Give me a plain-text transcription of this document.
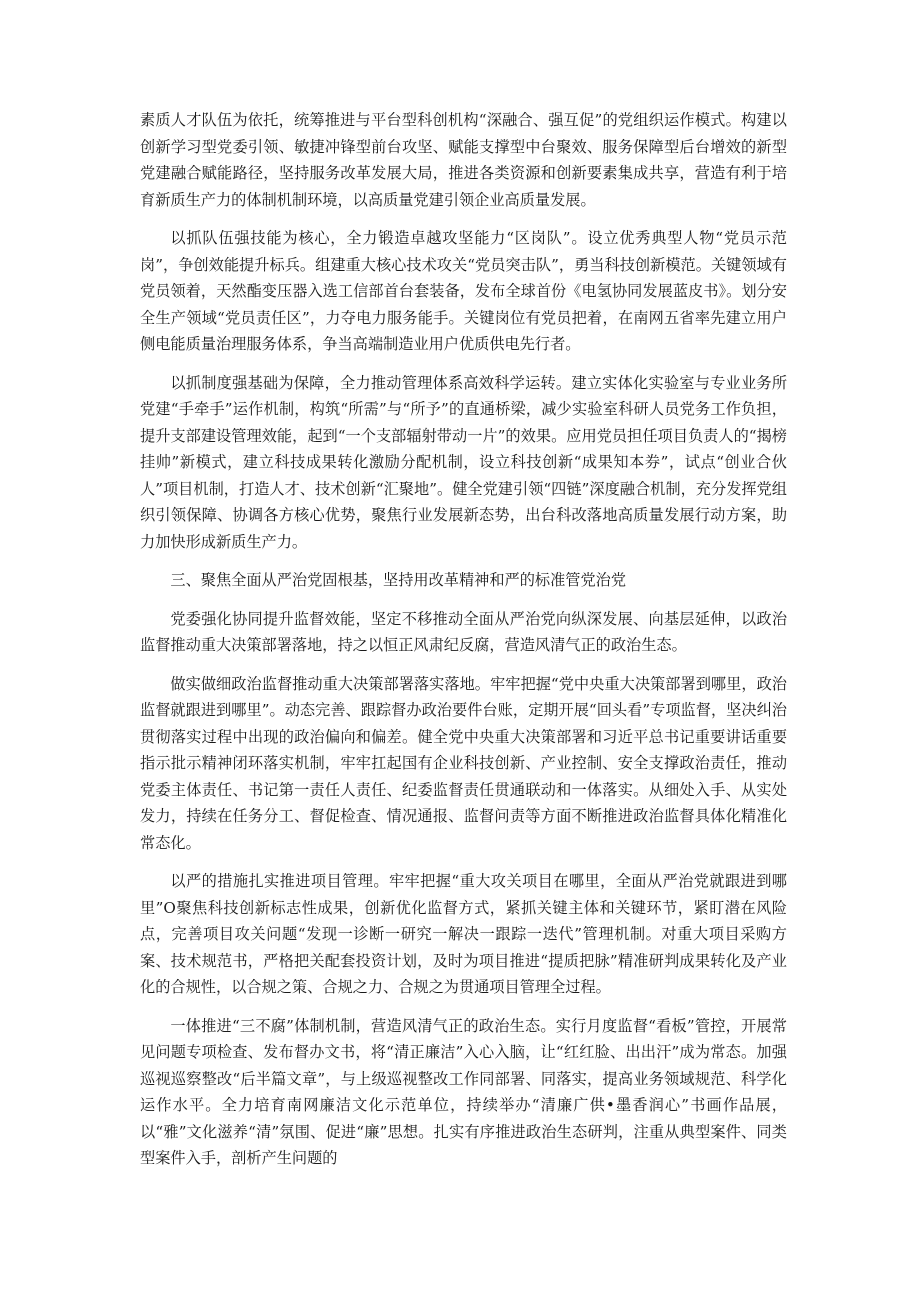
素质人才队伍为依托，统筹推进与平台型科创机构“深融合、强互促”的党组织运作模式。构建以创新学习型党委引领、敏捷冲锋型前台攻坚、赋能支撑型中台聚效、服务保障型后台增效的新型党建融合赋能路径，坚持服务改革发展大局，推进各类资源和创新要素集成共享，营造有利于培育新质生产力的体制机制环境，以高质量党建引领企业高质量发展。

以抓队伍强技能为核心，全力锻造卓越攻坚能力“区岗队”。设立优秀典型人物“党员示范岗”，争创效能提升标兵。组建重大核心技术攻关“党员突击队”，勇当科技创新模范。关键领域有党员领着，天然酯变压器入选工信部首台套装备，发布全球首份《电氢协同发展蓝皮书》。划分安全生产领域“党员责任区”，力夺电力服务能手。关键岗位有党员把着，在南网五省率先建立用户侧电能质量治理服务体系，争当高端制造业用户优质供电先行者。

以抓制度强基础为保障，全力推动管理体系高效科学运转。建立实体化实验室与专业业务所党建“手牵手”运作机制，构筑“所需”与“所予”的直通桥梁，减少实验室科研人员党务工作负担，提升支部建设管理效能，起到“一个支部辐射带动一片”的效果。应用党员担任项目负责人的“揭榜挂帅”新模式，建立科技成果转化激励分配机制，设立科技创新“成果知本券”，试点“创业合伙人”项目机制，打造人才、技术创新“汇聚地”。健全党建引领“四链”深度融合机制，充分发挥党组织引领保障、协调各方核心优势，聚焦行业发展新态势，出台科改落地高质量发展行动方案，助力加快形成新质生产力。

三、聚焦全面从严治党固根基，坚持用改革精神和严的标准管党治党

党委强化协同提升监督效能，坚定不移推动全面从严治党向纵深发展、向基层延伸，以政治监督推动重大决策部署落地，持之以恒正风肃纪反腐，营造风清气正的政治生态。

做实做细政治监督推动重大决策部署落实落地。牢牢把握“党中央重大决策部署到哪里，政治监督就跟进到哪里”。动态完善、跟踪督办政治要件台账，定期开展“回头看”专项监督，坚决纠治贯彻落实过程中出现的政治偏向和偏差。健全党中央重大决策部署和习近平总书记重要讲话重要指示批示精神闭环落实机制，牢牢扛起国有企业科技创新、产业控制、安全支撑政治责任，推动党委主体责任、书记第一责任人责任、纪委监督责任贯通联动和一体落实。从细处入手、从实处发力，持续在任务分工、督促检查、情况通报、监督问责等方面不断推进政治监督具体化精准化常态化。

以严的措施扎实推进项目管理。牢牢把握“重大攻关项目在哪里，全面从严治党就跟进到哪里”O聚焦科技创新标志性成果，创新优化监督方式，紧抓关键主体和关键环节，紧盯潜在风险点，完善项目攻关问题“发现一诊断一研究一解决一跟踪一迭代”管理机制。对重大项目采购方案、技术规范书，严格把关配套投资计划，及时为项目推进“提质把脉”精准研判成果转化及产业化的合规性，以合规之策、合规之力、合规之为贯通项目管理全过程。

一体推进“三不腐”体制机制，营造风清气正的政治生态。实行月度监督“看板”管控，开展常见问题专项检查、发布督办文书，将“清正廉洁”入心入脑，让“红红脸、出出汗”成为常态。加强巡视巡察整改“后半篇文章”，与上级巡视整改工作同部署、同落实，提高业务领域规范、科学化运作水平。全力培育南网廉洁文化示范单位，持续举办“清廉广供•墨香润心”书画作品展，以“雅”文化滋养“清”氛围、促进“廉”思想。扎实有序推进政治生态研判，注重从典型案件、同类型案件入手，剖析产生问题的
